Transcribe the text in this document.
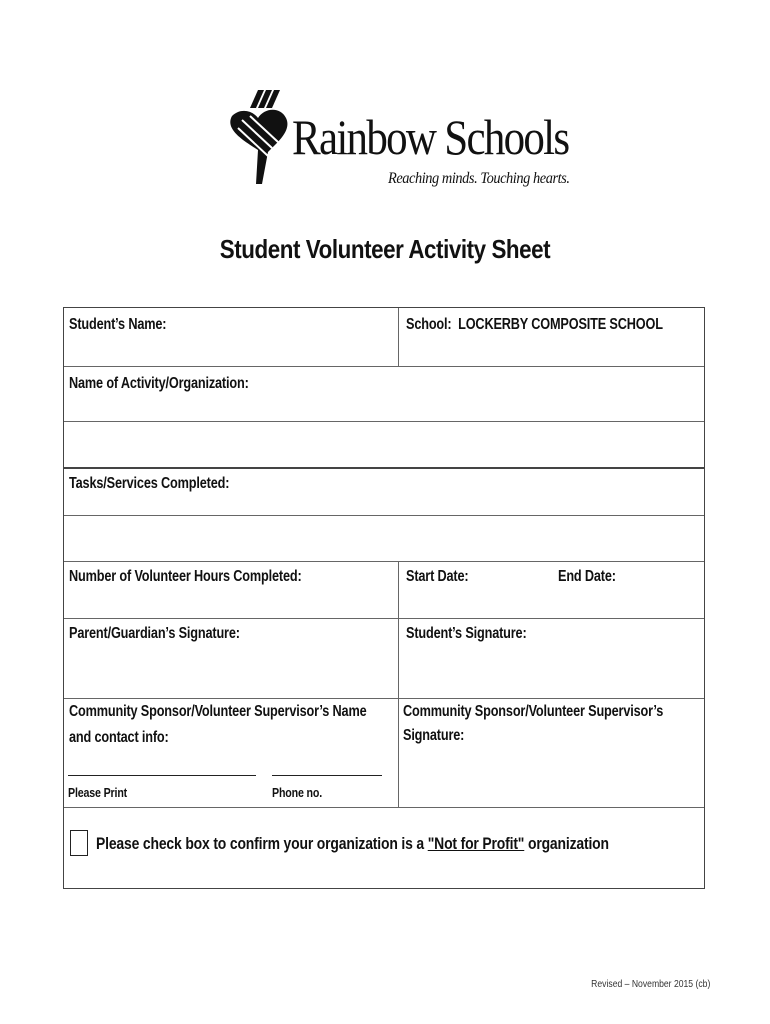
Rainbow Schools
Reaching minds. Touching hearts.
Student Volunteer Activity Sheet
Student’s Name:	School: LOCKERBY COMPOSITE SCHOOL
Name of Activity/Organization:
Tasks/Services Completed:
Number of Volunteer Hours Completed:	Start Date:	End Date:
Parent/Guardian’s Signature:	Student’s Signature:
Community Sponsor/Volunteer Supervisor’s Name
and contact info:
Please Print	Phone no.
Community Sponsor/Volunteer Supervisor’s
Signature:
Please check box to confirm your organization is a "Not for Profit" organization
Revised – November 2015 (cb)
